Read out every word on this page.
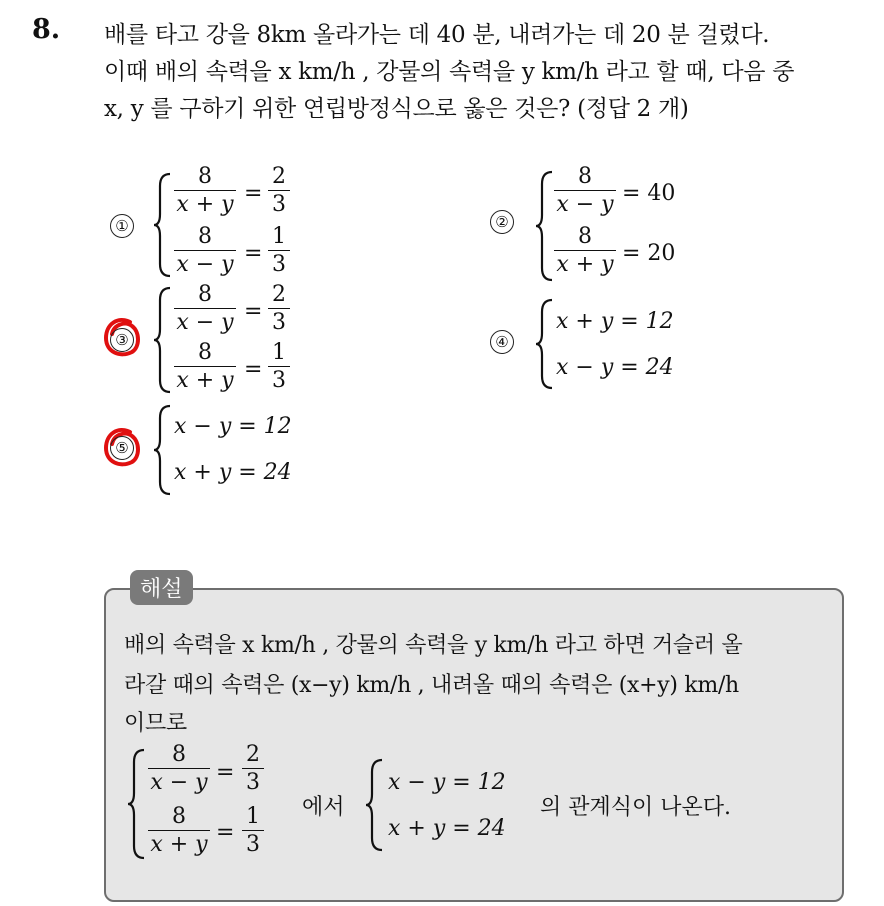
8. 배를 타고 강을 8km 올라가는 데 40 분, 내려가는 데 20 분 걸렸다.
이때 배의 속력을 x km/h , 강물의 속력을 y km/h 라고 할 때, 다음 중
x, y 를 구하기 위한 연립방정식으로 옳은 것은? (정답 2 개)
①
8
x + y =
2
3
8
x − y =
1
3
②
8
x − y = 40
8
x + y = 20
③
8
x − y =
2
3
8
x + y =
1
3
④
x + y = 12
x − y = 24
⑤
x − y = 12
x + y = 24
해설
배의 속력을 x km/h , 강물의 속력을 y km/h 라고 하면 거슬러 올
라갈 때의 속력은 (x−y) km/h , 내려올 때의 속력은 (x+y) km/h
이므로
8
x − y =
2
3
8
x + y =
1
3
에서
x − y = 12
x + y = 24
의 관계식이 나온다.
